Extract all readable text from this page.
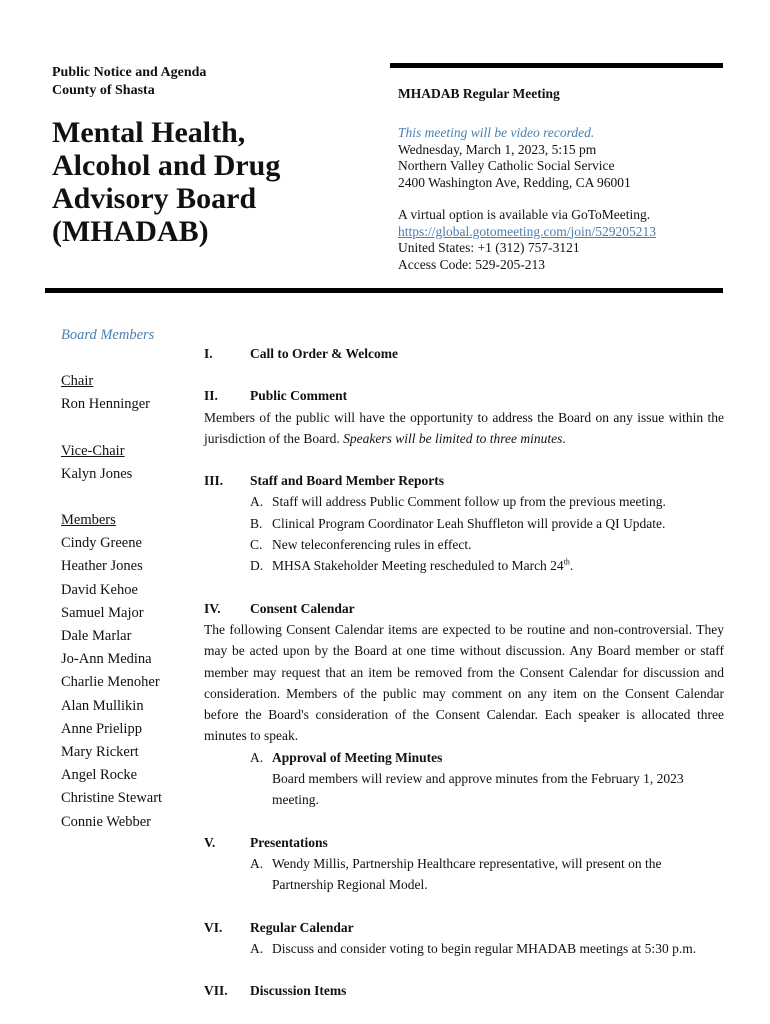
Public Notice and Agenda
County of Shasta
Mental Health,
Alcohol and Drug
Advisory Board
(MHADAB)
MHADAB Regular Meeting
This meeting will be video recorded.
Wednesday, March 1, 2023, 5:15 pm
Northern Valley Catholic Social Service
2400 Washington Ave, Redding, CA 96001
A virtual option is available via GoToMeeting.
https://global.gotomeeting.com/join/529205213
United States: +1 (312) 757-3121
Access Code: 529-205-213
Board Members
Chair
Ron Henninger
Vice-Chair
Kalyn Jones
Members
Cindy Greene
Heather Jones
David Kehoe
Samuel Major
Dale Marlar
Jo-Ann Medina
Charlie Menoher
Alan Mullikin
Anne Prielipp
Mary Rickert
Angel Rocke
Christine Stewart
Connie Webber
I.	Call to Order & Welcome
II.	Public Comment
Members of the public will have the opportunity to address the Board on any issue within the jurisdiction of the Board. Speakers will be limited to three minutes.
III.	Staff and Board Member Reports
A. Staff will address Public Comment follow up from the previous meeting.
B. Clinical Program Coordinator Leah Shuffleton will provide a QI Update.
C. New teleconferencing rules in effect.
D. MHSA Stakeholder Meeting rescheduled to March 24th.
IV.	Consent Calendar
The following Consent Calendar items are expected to be routine and non-controversial. They may be acted upon by the Board at one time without discussion. Any Board member or staff member may request that an item be removed from the Consent Calendar for discussion and consideration. Members of the public may comment on any item on the Consent Calendar before the Board's consideration of the Consent Calendar. Each speaker is allocated three minutes to speak.
A. Approval of Meeting Minutes
Board members will review and approve minutes from the February 1, 2023 meeting.
V.	Presentations
A. Wendy Millis, Partnership Healthcare representative, will present on the Partnership Regional Model.
VI.	Regular Calendar
A. Discuss and consider voting to begin regular MHADAB meetings at 5:30 p.m.
VII.	Discussion Items
